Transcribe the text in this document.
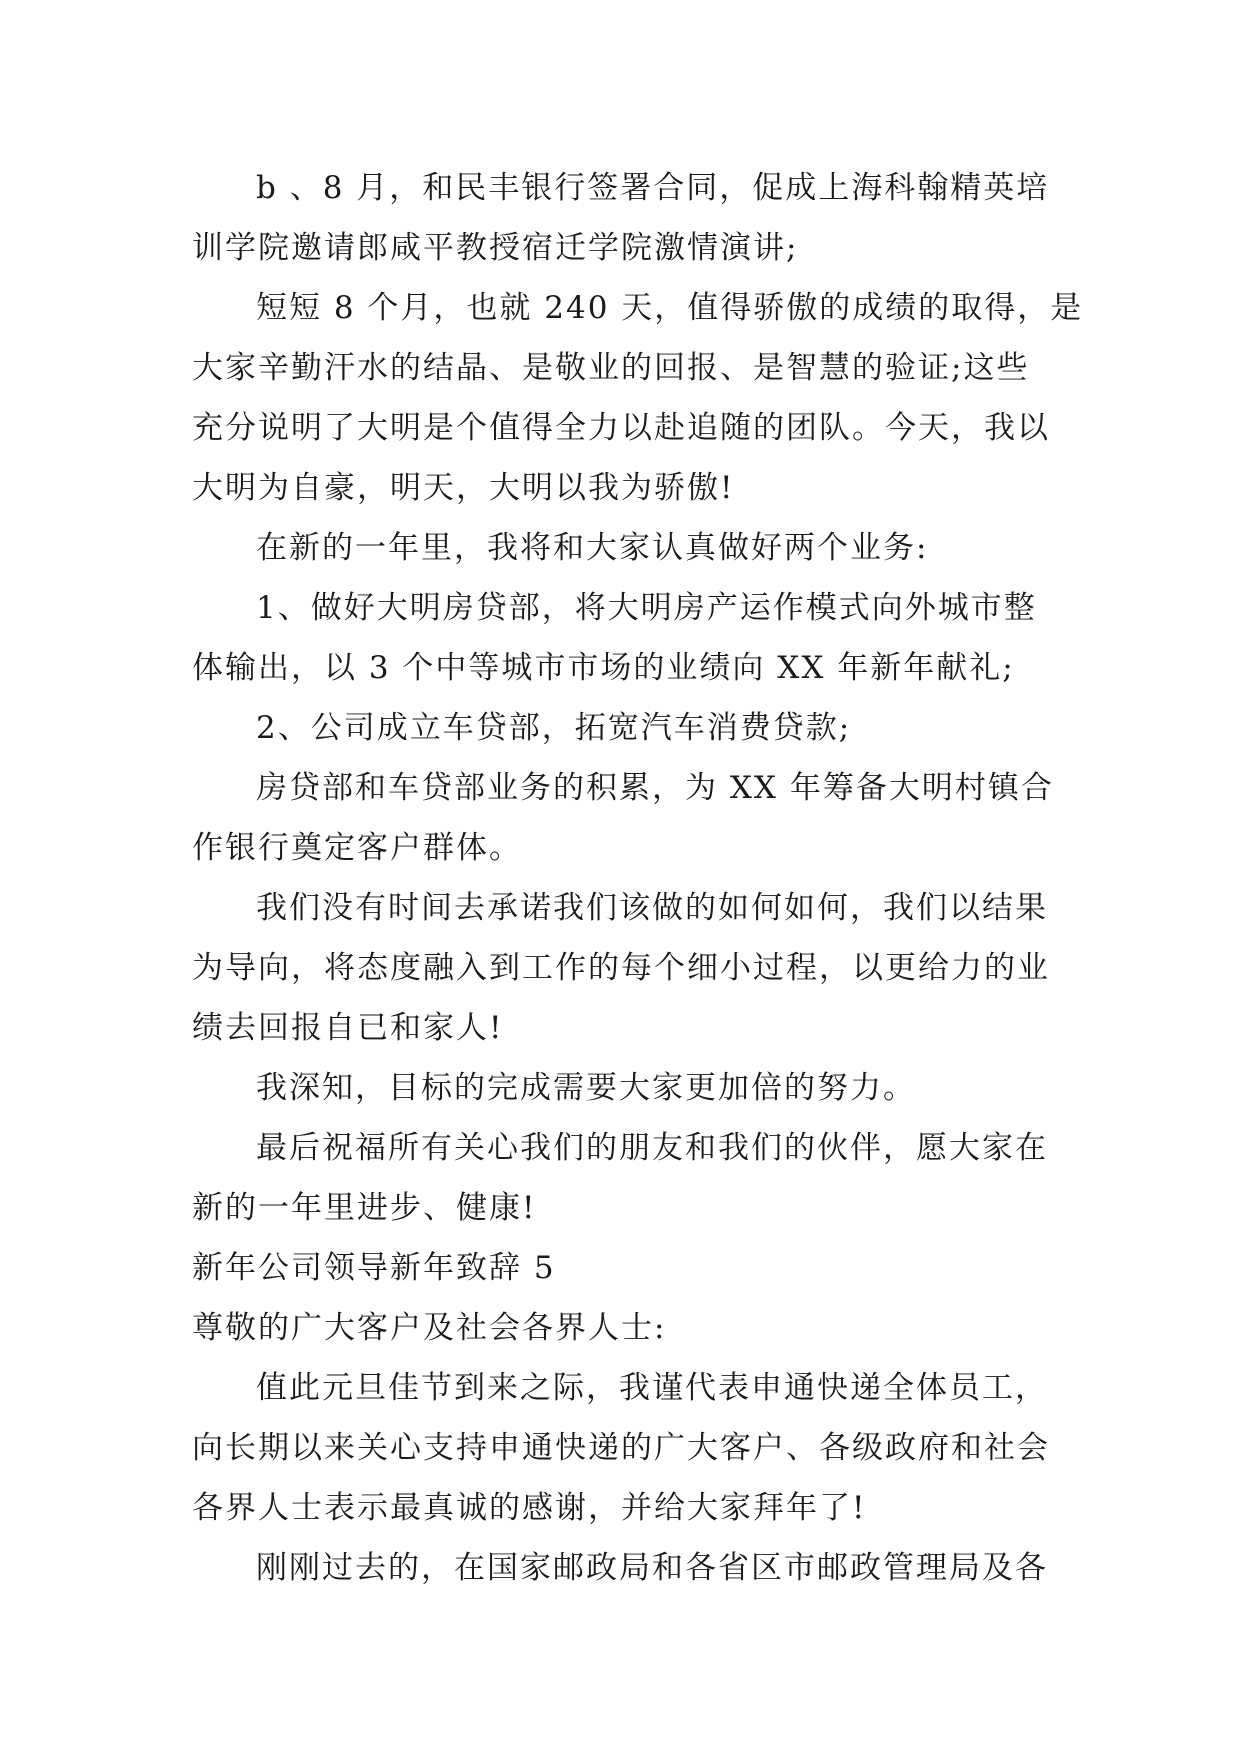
b 、8 月，和民丰银行签署合同，促成上海科翰精英培
训学院邀请郎咸平教授宿迁学院激情演讲;
短短 8 个月，也就 240 天，值得骄傲的成绩的取得，是
大家辛勤汗水的结晶、是敬业的回报、是智慧的验证;这些
充分说明了大明是个值得全力以赴追随的团队。今天，我以
大明为自豪，明天，大明以我为骄傲!
在新的一年里，我将和大家认真做好两个业务:
1、做好大明房贷部，将大明房产运作模式向外城市整
体输出，以 3 个中等城市市场的业绩向 XX 年新年献礼;
2、公司成立车贷部，拓宽汽车消费贷款;
房贷部和车贷部业务的积累，为 XX 年筹备大明村镇合
作银行奠定客户群体。
我们没有时间去承诺我们该做的如何如何，我们以结果
为导向，将态度融入到工作的每个细小过程，以更给力的业
绩去回报自已和家人!
我深知，目标的完成需要大家更加倍的努力。
最后祝福所有关心我们的朋友和我们的伙伴，愿大家在
新的一年里进步、健康!
新年公司领导新年致辞 5
尊敬的广大客户及社会各界人士:
值此元旦佳节到来之际，我谨代表申通快递全体员工，
向长期以来关心支持申通快递的广大客户、各级政府和社会
各界人士表示最真诚的感谢，并给大家拜年了!
刚刚过去的，在国家邮政局和各省区市邮政管理局及各
